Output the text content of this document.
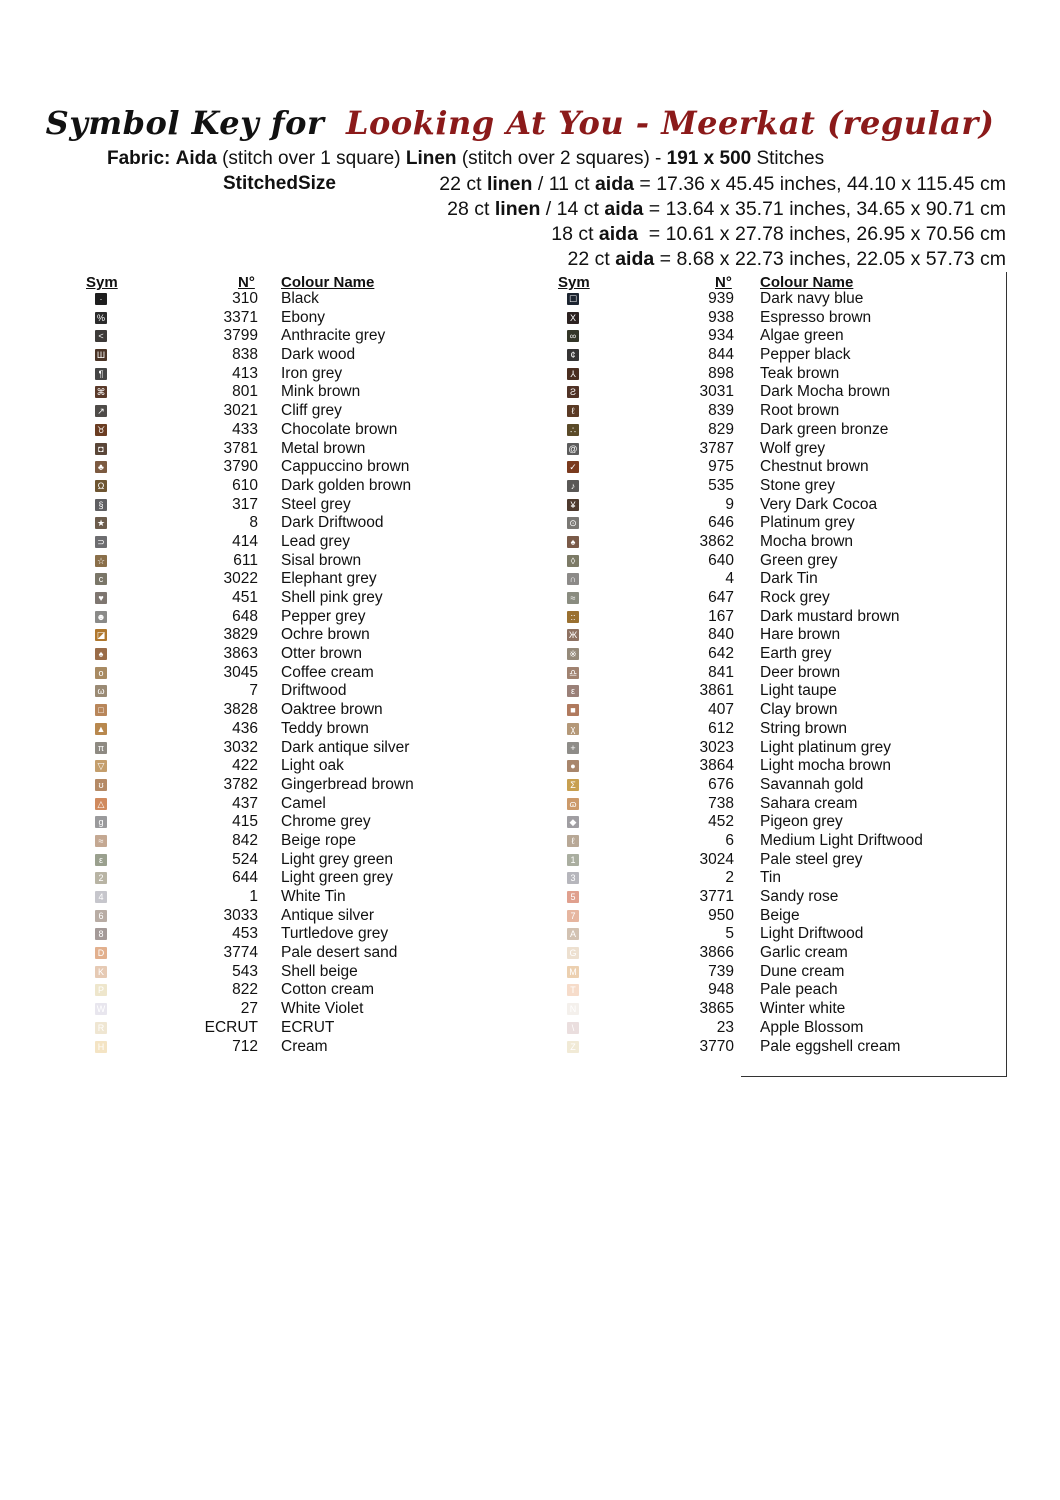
Symbol Key for Looking At You - Meerkat (regular)
Fabric: Aida (stitch over 1 square) Linen (stitch over 2 squares) - 191 x 500 Stitches
StitchedSize	22 ct linen / 11 ct aida = 17.36 x 45.45 inches, 44.10 x 115.45 cm
28 ct linen / 14 ct aida = 13.64 x 35.71 inches, 34.65 x 90.71 cm
18 ct aida  = 10.61 x 27.78 inches, 26.95 x 70.56 cm
22 ct aida = 8.68 x 22.73 inches, 22.05 x 57.73 cm
Sym	N° Colour Name	Sym	N° Colour Name
·	310 Black
%	3371 Ebony
<	3799 Anthracite grey
Ш	838 Dark wood
¶	413 Iron grey
⌘	801 Mink brown
↗	3021 Cliff grey
♉	433 Chocolate brown
◘	3781 Metal brown
♣	3790 Cappuccino brown
Ω	610 Dark golden brown
§	317 Steel grey
★	8 Dark Driftwood
⊃	414 Lead grey
☆	611 Sisal brown
c	3022 Elephant grey
♥	451 Shell pink grey
☻	648 Pepper grey
◪	3829 Ochre brown
♠	3863 Otter brown
o	3045 Coffee cream
ω	7 Driftwood
□	3828 Oaktree brown
▲	436 Teddy brown
π	3032 Dark antique silver
▽	422 Light oak
ʊ	3782 Gingerbread brown
△	437 Camel
g	415 Chrome grey
≈	842 Beige rope
ε	524 Light grey green
2	644 Light green grey
4	1 White Tin
6	3033 Antique silver
8	453 Turtledove grey
D	3774 Pale desert sand
K	543 Shell beige
P	822 Cotton cream
W	27 White Violet
R	ECRUT ECRUT
H	712 Cream
☐	939 Dark navy blue
X	938 Espresso brown
∞	934 Algae green
¢	844 Pepper black
⅄	898 Teak brown
Ƨ	3031 Dark Mocha brown
ℓ	839 Root brown
∴	829 Dark green bronze
@	3787 Wolf grey
✓	975 Chestnut brown
♪	535 Stone grey
¥	9 Very Dark Cocoa
⊙	646 Platinum grey
♠	3862 Mocha brown
◊	640 Green grey
∩	4 Dark Tin
≈	647 Rock grey
::	167 Dark mustard brown
Ж	840 Hare brown
※	642 Earth grey
♎	841 Deer brown
ε	3861 Light taupe
■	407 Clay brown
χ	612 String brown
+	3023 Light platinum grey
●	3864 Light mocha brown
Σ	676 Savannah gold
ɷ	738 Sahara cream
◆	452 Pigeon grey
ℓ	6 Medium Light Driftwood
1	3024 Pale steel grey
3	2 Tin
5	3771 Sandy rose
7	950 Beige
A	5 Light Driftwood
G	3866 Garlic cream
M	739 Dune cream
T	948 Pale peach
N	3865 Winter white
\	23 Apple Blossom
Z	3770 Pale eggshell cream
